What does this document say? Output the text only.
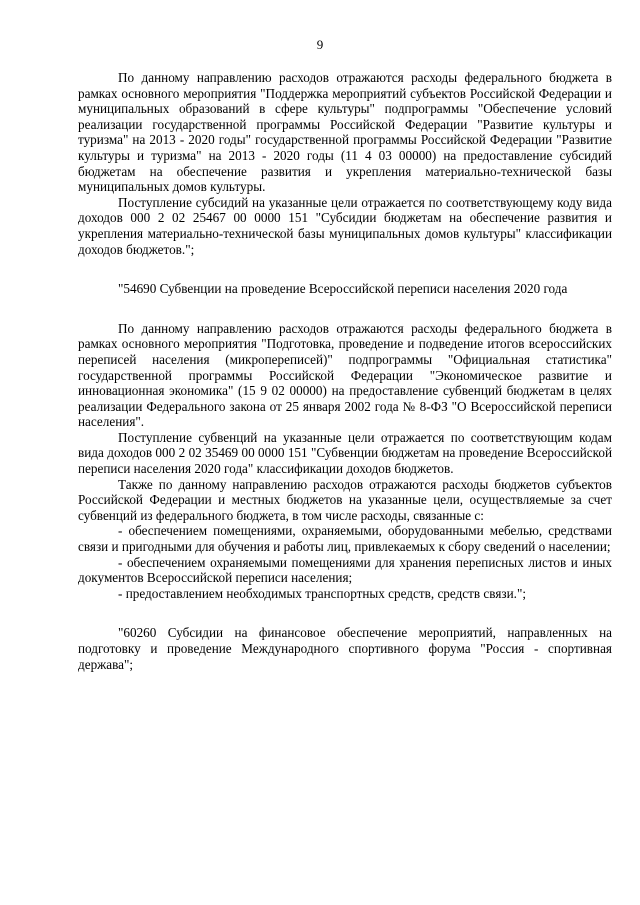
9

По данному направлению расходов отражаются расходы федерального бюджета в рамках основного мероприятия "Поддержка мероприятий субъектов Российской Федерации и муниципальных образований в сфере культуры" подпрограммы "Обеспечение условий реализации государственной программы Российской Федерации "Развитие культуры и туризма" на 2013 - 2020 годы" государственной программы Российской Федерации "Развитие культуры и туризма" на 2013 - 2020 годы (11 4 03 00000) на предоставление субсидий бюджетам на обеспечение развития и укрепления материально-технической базы муниципальных домов культуры.

Поступление субсидий на указанные цели отражается по соответствующему коду вида доходов 000 2 02 25467 00 0000 151 "Субсидии бюджетам на обеспечение развития и укрепления материально-технической базы муниципальных домов культуры" классификации доходов бюджетов.";

"54690 Субвенции на проведение Всероссийской переписи населения 2020 года

По данному направлению расходов отражаются расходы федерального бюджета в рамках основного мероприятия "Подготовка, проведение и подведение итогов всероссийских переписей населения (микропереписей)" подпрограммы "Официальная статистика" государственной программы Российской Федерации "Экономическое развитие и инновационная экономика" (15 9 02 00000) на предоставление субвенций бюджетам в целях реализации Федерального закона от 25 января 2002 года № 8-ФЗ "О Всероссийской переписи населения".

Поступление субвенций на указанные цели отражается по соответствующим кодам вида доходов 000 2 02 35469 00 0000 151 "Субвенции бюджетам на проведение Всероссийской переписи населения 2020 года" классификации доходов бюджетов.

Также по данному направлению расходов отражаются расходы бюджетов субъектов Российской Федерации и местных бюджетов на указанные цели, осуществляемые за счет субвенций из федерального бюджета, в том числе расходы, связанные с:

- обеспечением помещениями, охраняемыми, оборудованными мебелью, средствами связи и пригодными для обучения и работы лиц, привлекаемых к сбору сведений о населении;

- обеспечением охраняемыми помещениями для хранения переписных листов и иных документов Всероссийской переписи населения;

- предоставлением необходимых транспортных средств, средств связи.";

"60260 Субсидии на финансовое обеспечение мероприятий, направленных на подготовку и проведение Международного спортивного форума "Россия - спортивная держава";
